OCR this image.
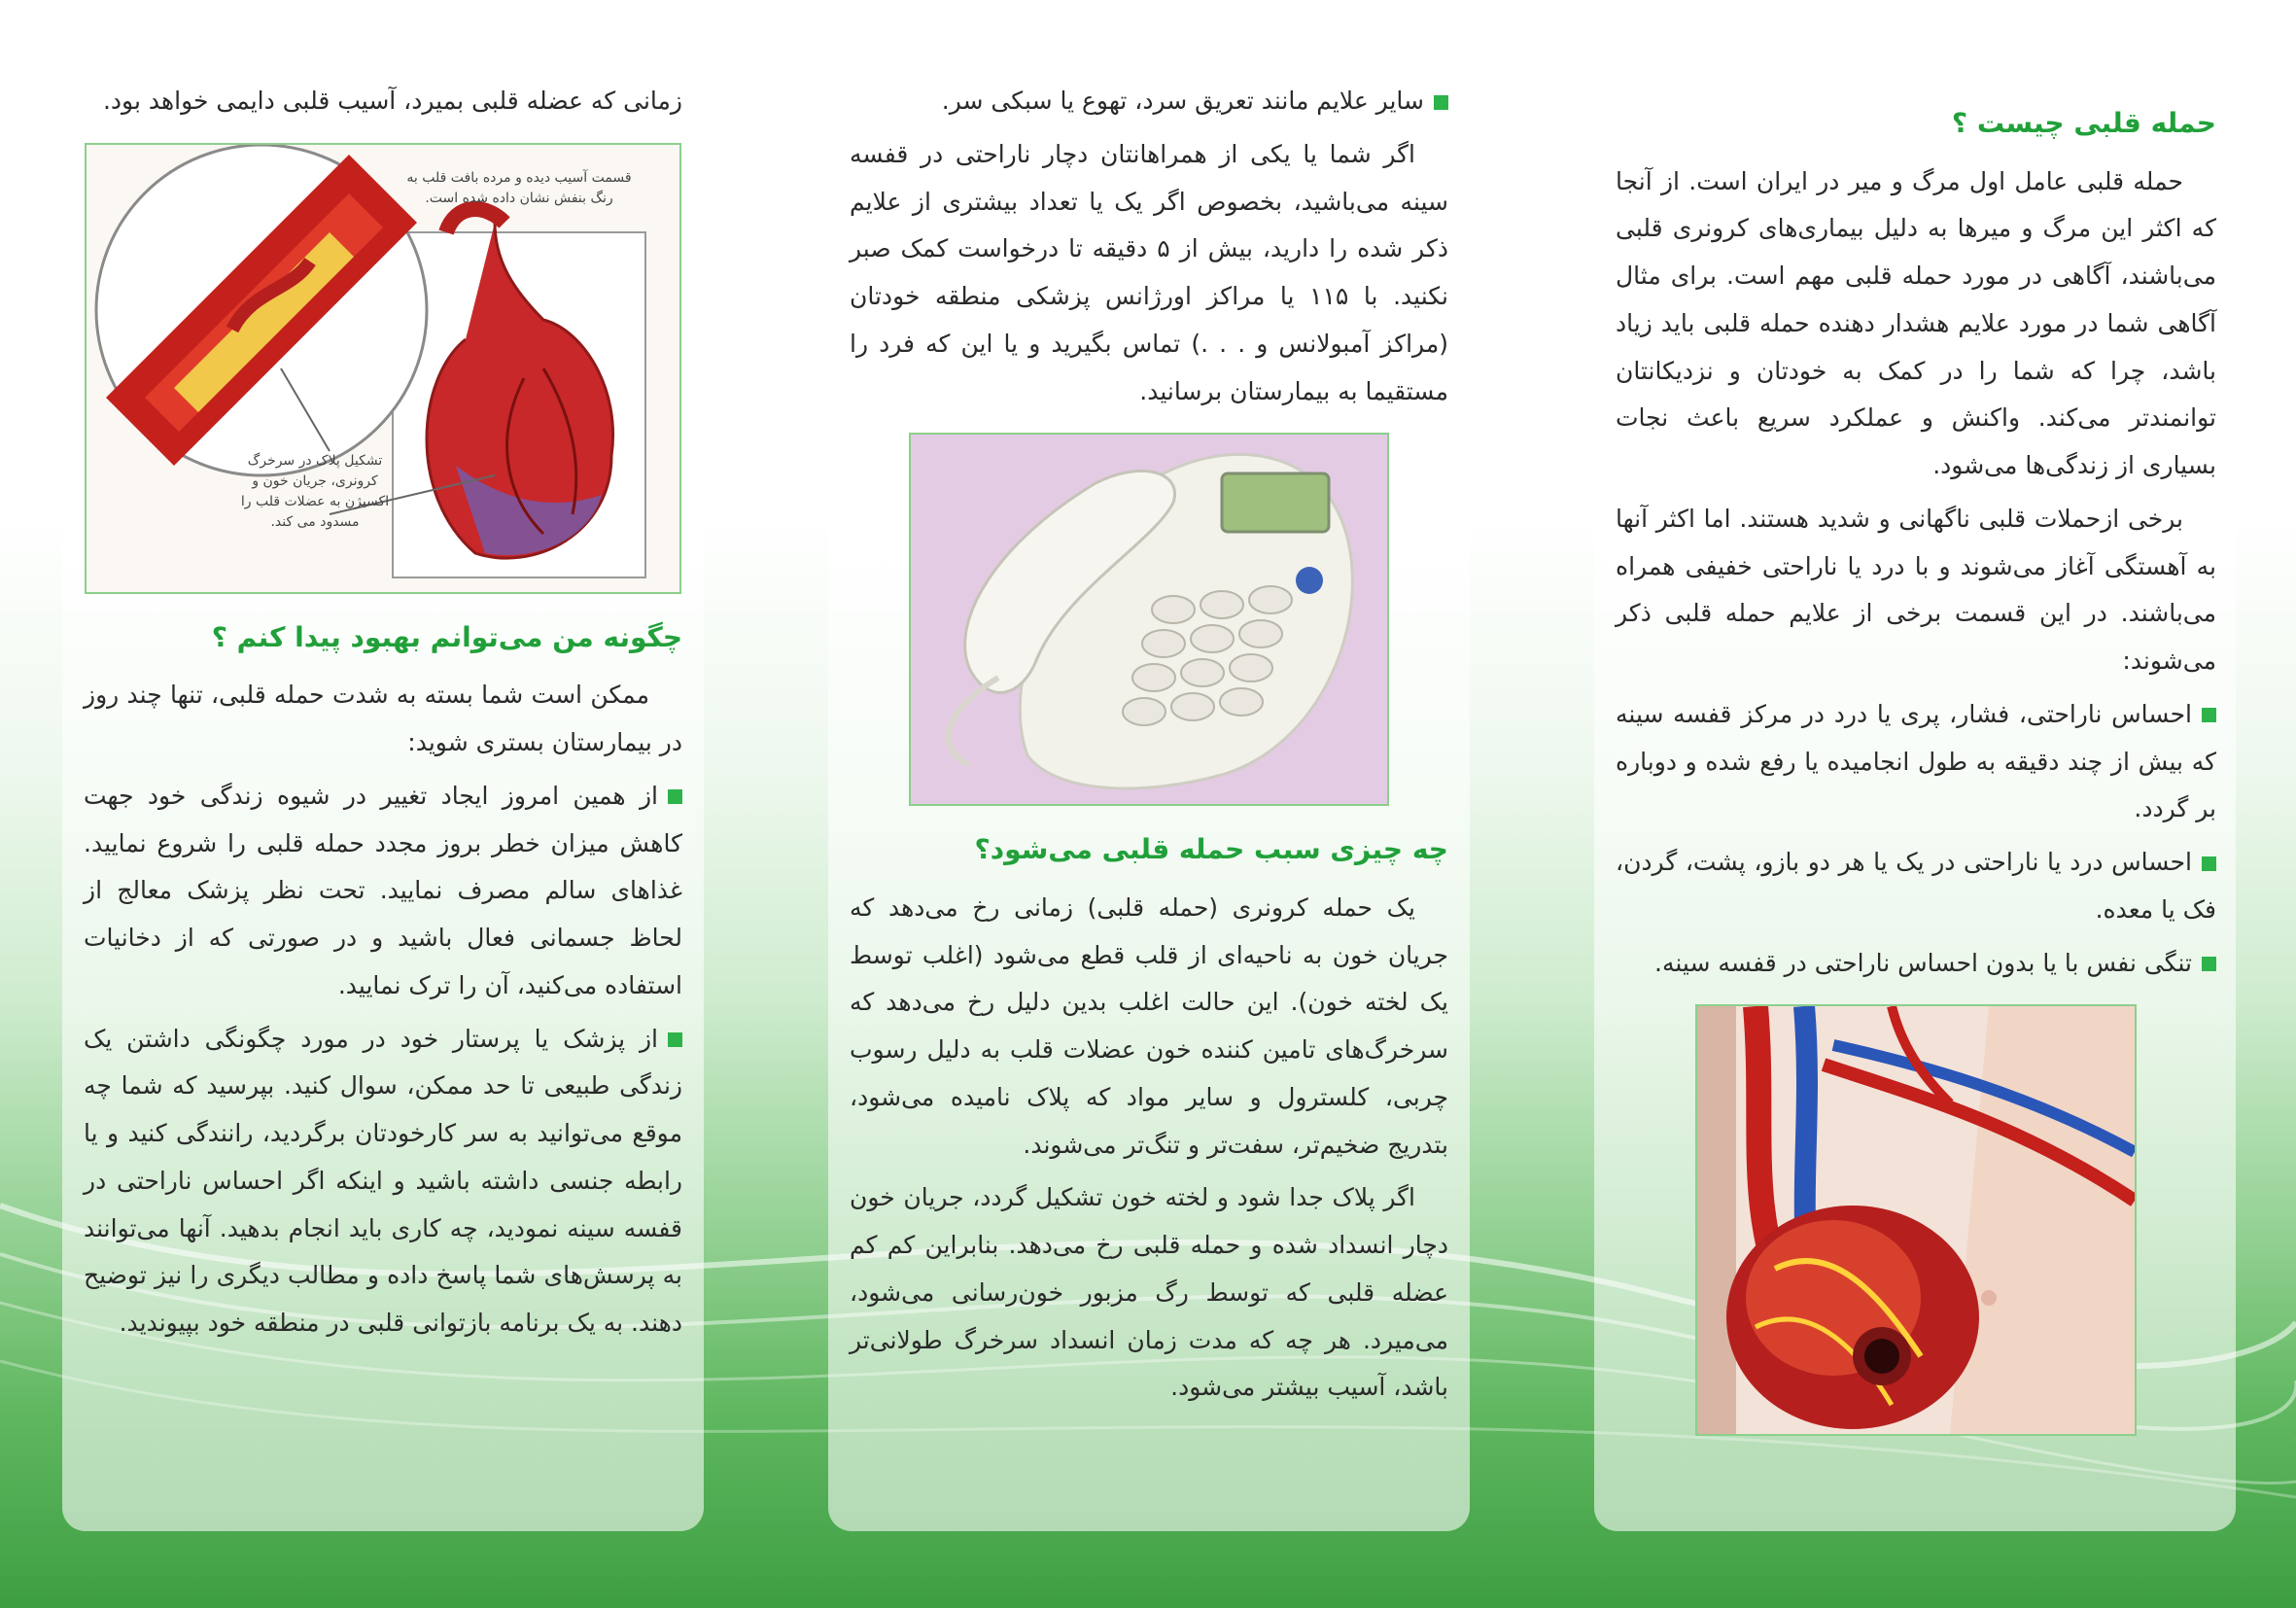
حمله قلبی چیست ؟

حمله قلبی عامل اول مرگ و میر در ایران است. از آنجا که اکثر این مرگ و میرها به دلیل بیماری‌های کرونری قلبی می‌باشند، آگاهی در مورد حمله قلبی مهم است. برای مثال آگاهی شما در مورد علایم هشدار دهنده حمله قلبی باید زیاد باشد، چرا که شما را در کمک به خودتان و نزدیکانتان توانمندتر می‌کند. واکنش و عملکرد سریع باعث نجات بسیاری از زندگی‌ها می‌شود.

برخی ازحملات قلبی ناگهانی و شدید هستند. اما اکثر آنها به آهستگی آغاز می‌شوند و با درد یا ناراحتی خفیفی همراه می‌باشند. در این قسمت برخی از علایم حمله قلبی ذکر می‌شوند:

احساس ناراحتی، فشار، پری یا درد در مرکز قفسه سینه که بیش از چند دقیقه به طول انجامیده یا رفع شده و دوباره بر گردد.

احساس درد یا ناراحتی در یک یا هر دو بازو، پشت، گردن، فک یا معده.

تنگی نفس با یا بدون احساس ناراحتی در قفسه سینه.

سایر علایم مانند تعریق سرد، تهوع یا سبکی سر.

اگر شما یا یکی از همراهانتان دچار ناراحتی در قفسه سینه می‌باشید، بخصوص اگر یک یا تعداد بیشتری از علایم ذکر شده را دارید، بیش از ۵ دقیقه تا درخواست کمک صبر نکنید. با ۱۱۵ یا مراکز اورژانس پزشکی منطقه خودتان (مراکز آمبولانس و . . .) تماس بگیرید و یا این که فرد را مستقیما به بیمارستان برسانید.

چه چیزی سبب حمله قلبی می‌شود؟

یک حمله کرونری (حمله قلبی) زمانی رخ می‌دهد که جریان خون به ناحیه‌ای از قلب قطع می‌شود (اغلب توسط یک لخته خون). این حالت اغلب بدین دلیل رخ می‌دهد که سرخرگ‌های تامین کننده خون عضلات قلب به دلیل رسوب چربی، کلسترول و سایر مواد که پلاک نامیده می‌شود، بتدریج ضخیم‌تر، سفت‌تر و تنگ‌تر می‌شوند.

اگر پلاک جدا شود و لخته خون تشکیل گردد، جریان خون دچار انسداد شده و حمله قلبی رخ می‌دهد. بنابراین کم کم عضله قلبی که توسط رگ مزبور خون‌رسانی می‌شود، می‌میرد. هر چه که مدت زمان انسداد سرخرگ طولانی‌تر باشد، آسیب بیشتر می‌شود.

زمانی که عضله قلبی بمیرد، آسیب قلبی دایمی خواهد بود.

قسمت آسیب دیده و مرده بافت قلب به رنگ بنفش نشان داده شده است.
تشکیل پلاک در سرخرگ کرونری، جریان خون و اکسیژن به عضلات قلب را مسدود می کند.
چگونه من می‌توانم بهبود پیدا کنم ؟

ممکن است شما بسته به شدت حمله قلبی، تنها چند روز در بیمارستان بستری شوید:

از همین امروز ایجاد تغییر در شیوه زندگی خود جهت کاهش میزان خطر بروز مجدد حمله قلبی را شروع نمایید. غذاهای سالم مصرف نمایید. تحت نظر پزشک معالج از لحاظ جسمانی فعال باشید و در صورتی که از دخانیات استفاده می‌کنید، آن را ترک نمایید.

از پزشک یا پرستار خود در مورد چگونگی داشتن یک زندگی طبیعی تا حد ممکن، سوال کنید. بپرسید که شما چه موقع می‌توانید به سر کارخودتان برگردید، رانندگی کنید و یا رابطه جنسی داشته باشید و اینکه اگر احساس ناراحتی در قفسه سینه نمودید، چه کاری باید انجام بدهید. آنها می‌توانند به پرسش‌های شما پاسخ داده و مطالب دیگری را نیز توضیح دهند. به یک برنامه بازتوانی قلبی در منطقه خود بپیوندید.
